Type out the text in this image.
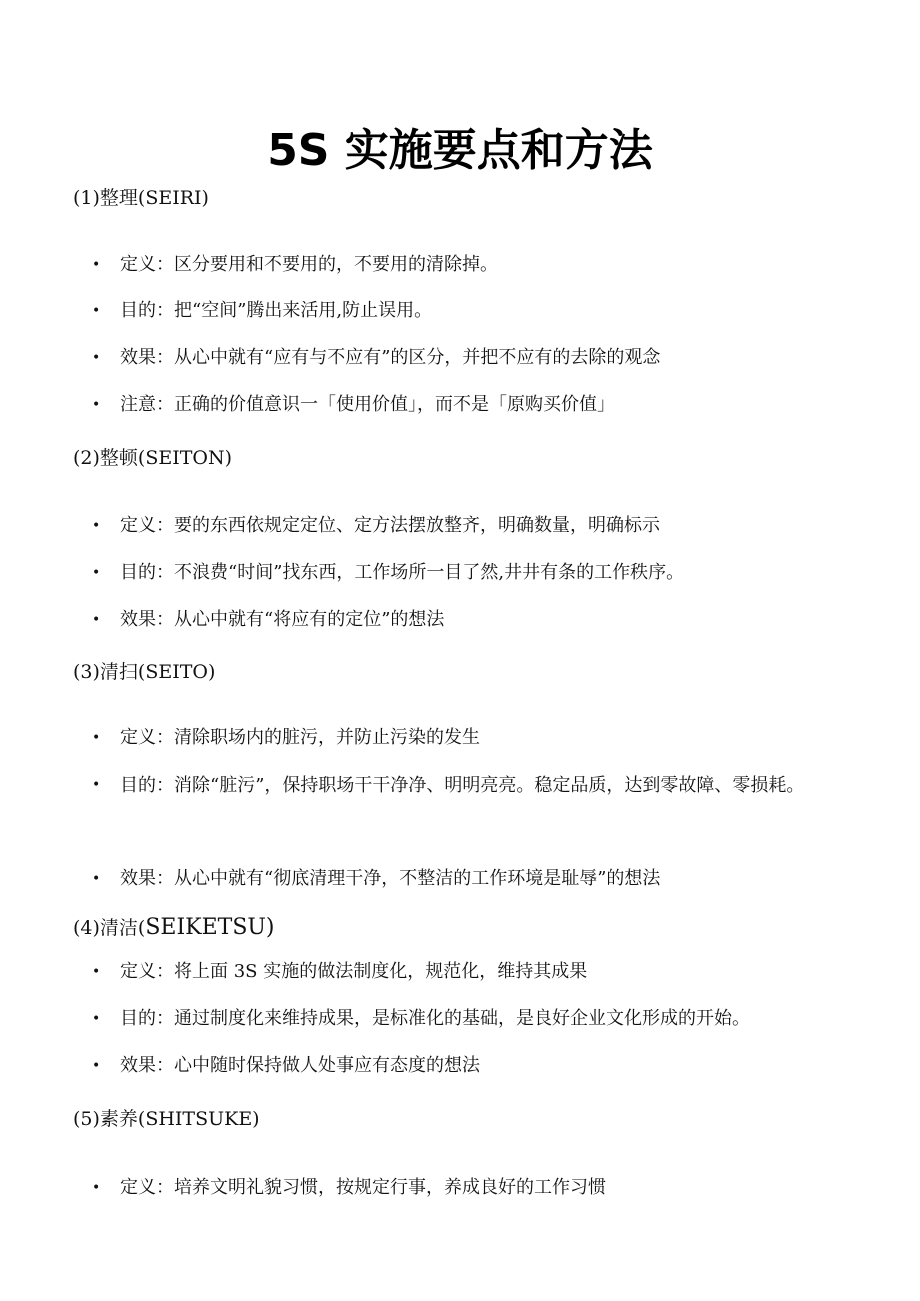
5S 实施要点和方法
(1)整理(SEIRI)
• 定义：区分要用和不要用的，不要用的清除掉。
• 目的：把“空间”腾出来活用,防止误用。
• 效果：从心中就有“应有与不应有”的区分，并把不应有的去除的观念
• 注意：正确的价值意识一「使用价值」，而不是「原购买价值」
(2)整顿(SEITON)
• 定义：要的东西依规定定位、定方法摆放整齐，明确数量，明确标示
• 目的：不浪费“时间”找东西，工作场所一目了然,井井有条的工作秩序。
• 效果：从心中就有“将应有的定位”的想法
(3)清扫(SEITO)
• 定义：清除职场内的脏污，并防止污染的发生
• 目的：消除“脏污”，保持职场干干净净、明明亮亮。稳定品质，达到零故障、零损耗。
• 效果：从心中就有“彻底清理干净，不整洁的工作环境是耻辱”的想法
(4)清洁(SEIKETSU)
• 定义：将上面 3S 实施的做法制度化，规范化，维持其成果
• 目的：通过制度化来维持成果，是标准化的基础，是良好企业文化形成的开始。
• 效果：心中随时保持做人处事应有态度的想法
(5)素养(SHITSUKE)
• 定义：培养文明礼貌习惯，按规定行事，养成良好的工作习惯
